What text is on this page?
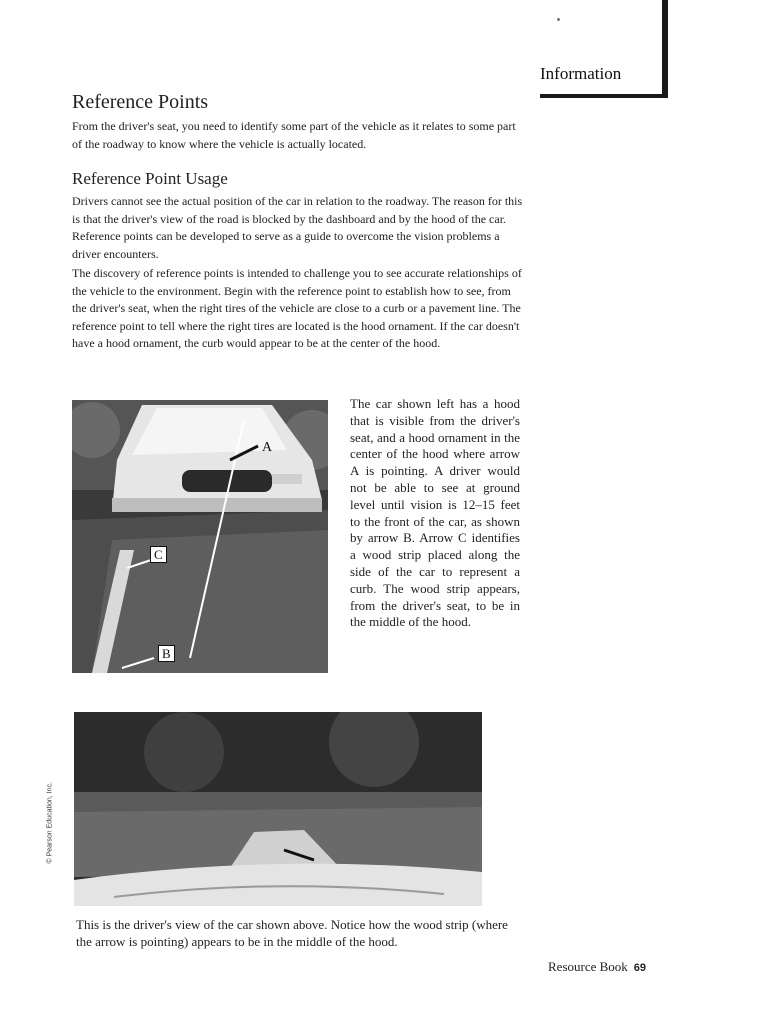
Information
Reference Points

From the driver's seat, you need to identify some part of the vehicle as it relates to some part of the roadway to know where the vehicle is actually located.

Reference Point Usage

Drivers cannot see the actual position of the car in relation to the roadway. The reason for this is that the driver's view of the road is blocked by the dashboard and by the hood of the car. Reference points can be developed to serve as a guide to overcome the vision problems a driver encounters.

The discovery of reference points is intended to challenge you to see accurate relationships of the vehicle to the environment. Begin with the reference point to establish how to see, from the driver's seat, when the right tires of the vehicle are close to a curb or a pavement line. The reference point to tell where the right tires are located is the hood ornament. If the car doesn't have a hood ornament, the curb would appear to be at the center of the hood.

A
C
B

The car shown left has a hood that is visible from the driver's seat, and a hood ornament in the center of the hood where arrow A is pointing. A driver would not be able to see at ground level until vision is 12–15 feet to the front of the car, as shown by arrow B. Arrow C identifies a wood strip placed along the side of the car to represent a curb. The wood strip appears, from the driver's seat, to be in the middle of the hood.

This is the driver's view of the car shown above. Notice how the wood strip (where the arrow is pointing) appears to be in the middle of the hood.

© Pearson Education, Inc.
Resource Book 69
